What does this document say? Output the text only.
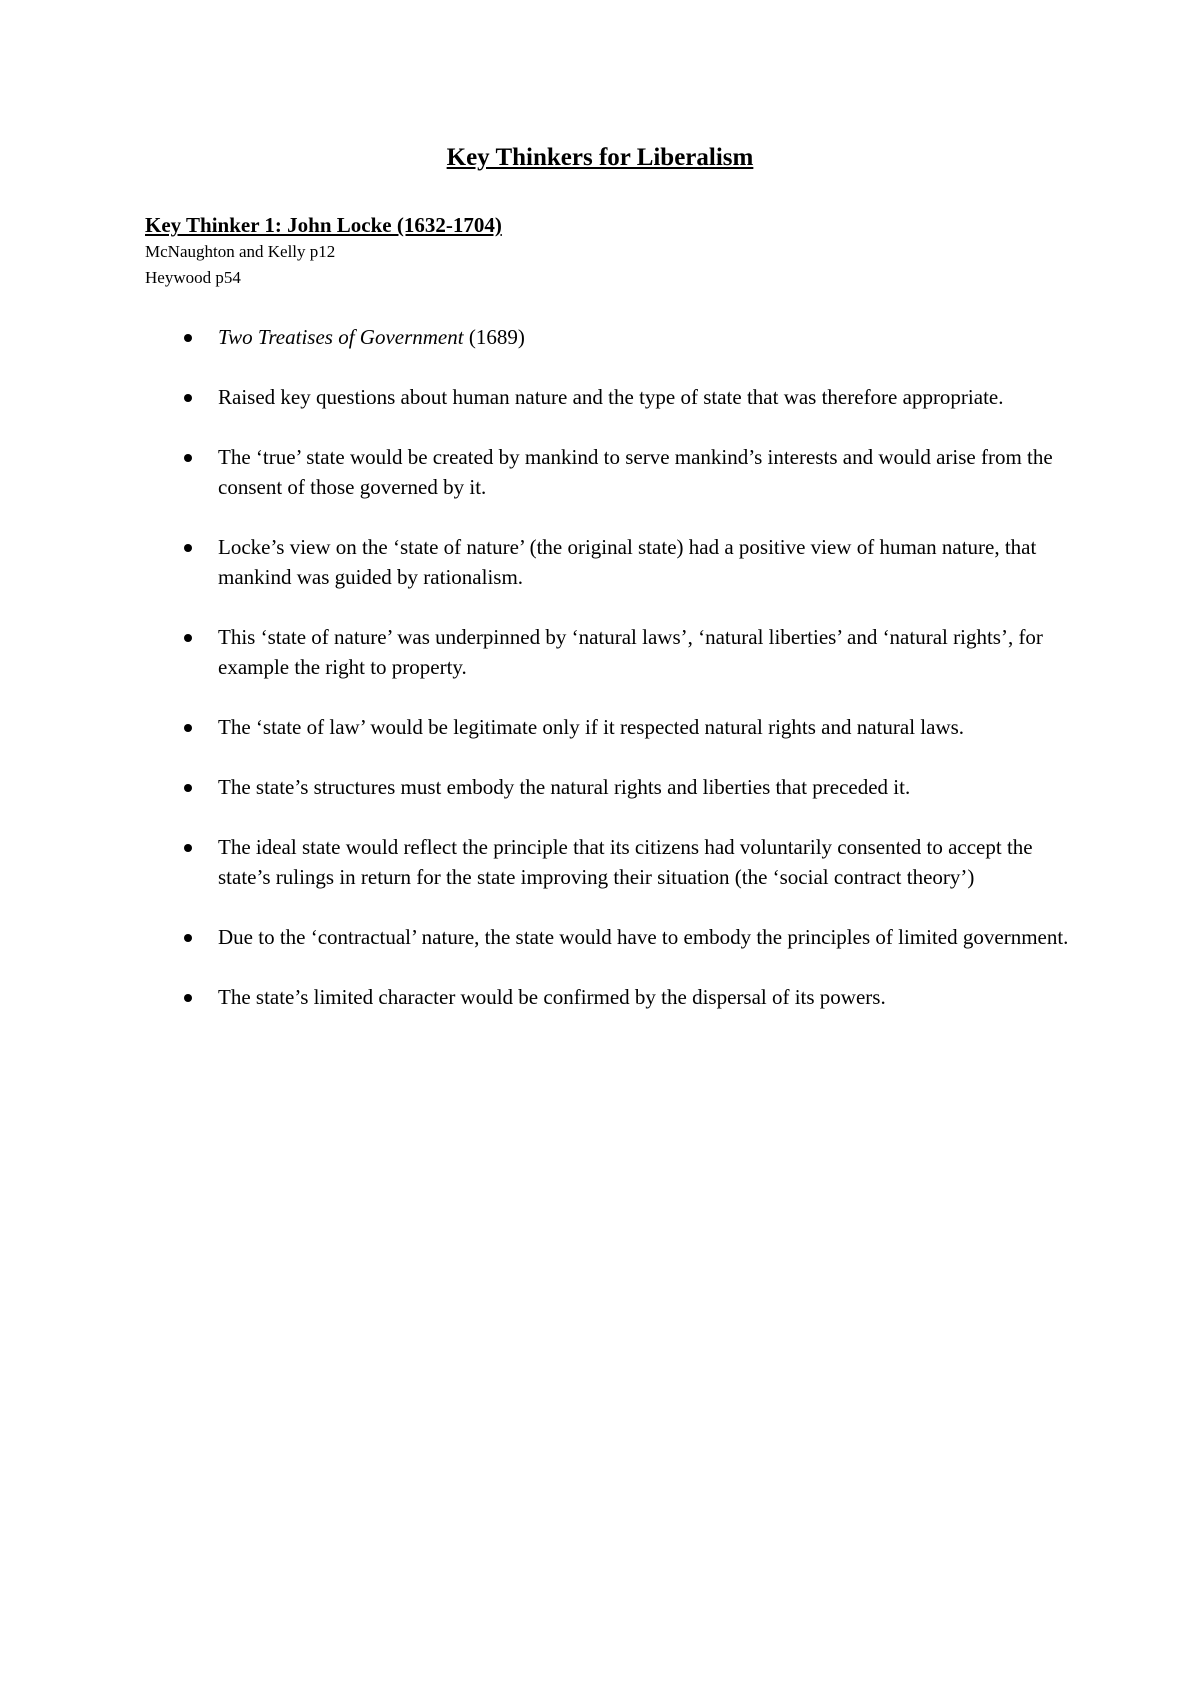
Key Thinkers for Liberalism
Key Thinker 1: John Locke (1632-1704)

McNaughton and Kelly p12

Heywood p54

Two Treatises of Government (1689)
Raised key questions about human nature and the type of state that was therefore appropriate.
The ‘true’ state would be created by mankind to serve mankind’s interests and would arise from the consent of those governed by it.
Locke’s view on the ‘state of nature’ (the original state) had a positive view of human nature, that mankind was guided by rationalism.
This ‘state of nature’ was underpinned by ‘natural laws’, ‘natural liberties’ and ‘natural rights’, for example the right to property.
The ‘state of law’ would be legitimate only if it respected natural rights and natural laws.
The state’s structures must embody the natural rights and liberties that preceded it.
The ideal state would reflect the principle that its citizens had voluntarily consented to accept the state’s rulings in return for the state improving their situation (the ‘social contract theory’)
Due to the ‘contractual’ nature, the state would have to embody the principles of limited government.
The state’s limited character would be confirmed by the dispersal of its powers.
